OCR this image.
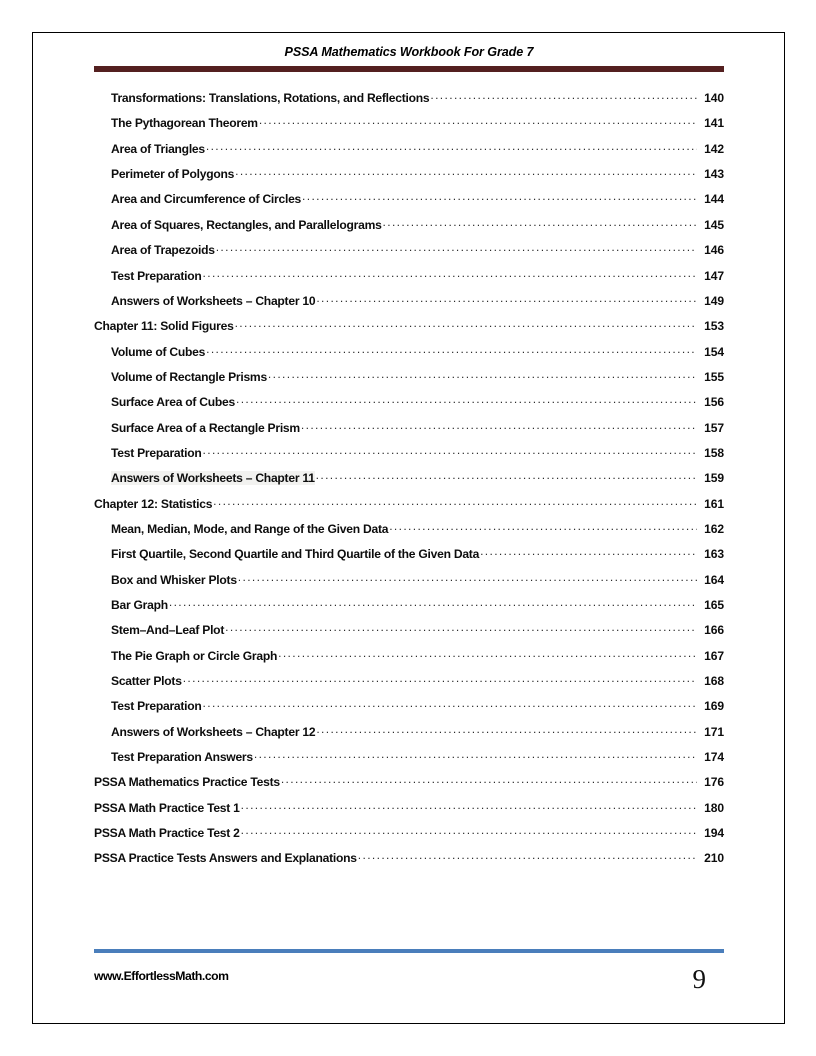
PSSA Mathematics Workbook For Grade 7
Transformations: Translations, Rotations, and Reflections .....	140
The Pythagorean Theorem .....	141
Area of Triangles .....	142
Perimeter of Polygons .....	143
Area and Circumference of Circles .....	144
Area of Squares, Rectangles, and Parallelograms .....	145
Area of Trapezoids .....	146
Test Preparation .....	147
Answers of Worksheets – Chapter 10 .....	149
Chapter 11: Solid Figures .....	153
Volume of Cubes .....	154
Volume of Rectangle Prisms .....	155
Surface Area of Cubes .....	156
Surface Area of a Rectangle Prism .....	157
Test Preparation .....	158
Answers of Worksheets – Chapter 11 .....	159
Chapter 12: Statistics .....	161
Mean, Median, Mode, and Range of the Given Data .....	162
First Quartile, Second Quartile and Third Quartile of the Given Data .....	163
Box and Whisker Plots .....	164
Bar Graph .....	165
Stem–And–Leaf Plot .....	166
The Pie Graph or Circle Graph .....	167
Scatter Plots .....	168
Test Preparation .....	169
Answers of Worksheets – Chapter 12 .....	171
Test Preparation Answers .....	174
PSSA Mathematics Practice Tests .....	176
PSSA Math Practice Test 1 .....	180
PSSA Math Practice Test 2 .....	194
PSSA Practice Tests Answers and Explanations .....	210
www.EffortlessMath.com	9
